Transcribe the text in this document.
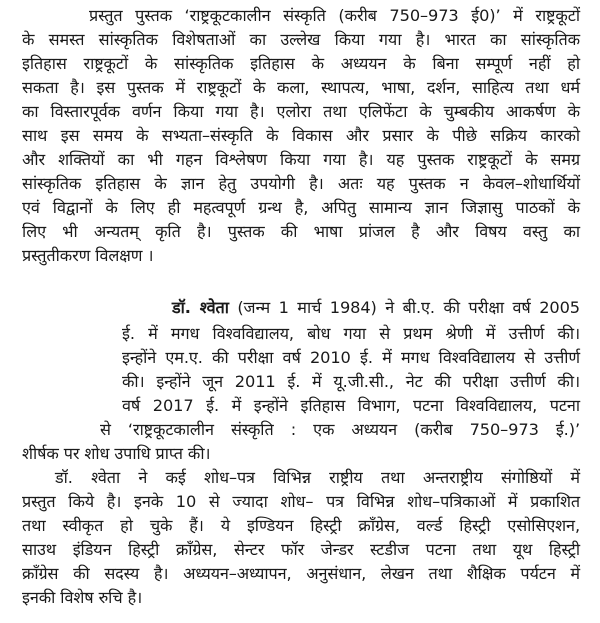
प्रस्तुत पुस्तक ‘राष्ट्रकूटकालीन संस्कृति (करीब 750–973 ई0)’ में राष्ट्रकूटों
के समस्त सांस्कृतिक विशेषताओं का उल्लेख किया गया है। भारत का सांस्कृतिक
इतिहास राष्ट्रकूटों के सांस्कृतिक इतिहास के अध्ययन के बिना सम्पूर्ण नहीं हो
सकता है। इस पुस्तक में राष्ट्रकूटों के कला, स्थापत्य, भाषा, दर्शन, साहित्य तथा धर्म
का विस्तारपूर्वक वर्णन किया गया है। एलोरा तथा एलिफेंटा के चुम्बकीय आकर्षण के
साथ इस समय के सभ्यता–संस्कृति के विकास और प्रसार के पीछे सक्रिय कारको
और शक्तियों का भी गहन विश्लेषण किया गया है। यह पुस्तक राष्ट्रकूटों के समग्र
सांस्कृतिक इतिहास के ज्ञान हेतु उपयोगी है। अतः यह पुस्तक न केवल–शोधार्थियों
एवं विद्वानों के लिए ही महत्वपूर्ण ग्रन्थ है, अपितु सामान्य ज्ञान जिज्ञासु पाठकों के
लिए भी अन्यतम् कृति है। पुस्तक की भाषा प्रांजल है और विषय वस्तु का
प्रस्तुतीकरण विलक्षण ।
डॉ. श्वेता (जन्म 1 मार्च 1984) ने बी.ए. की परीक्षा वर्ष 2005
ई. में मगध विश्वविद्यालय, बोध गया से प्रथम श्रेणी में उत्तीर्ण की।
इन्होंने एम.ए. की परीक्षा वर्ष 2010 ई. में मगध विश्वविद्यालय से उत्तीर्ण
की। इन्होंने जून 2011 ई. में यू.जी.सी., नेट की परीक्षा उत्तीर्ण की।
वर्ष 2017 ई. में इन्होंने इतिहास विभाग, पटना विश्वविद्यालय, पटना
से ‘राष्ट्रकूटकालीन संस्कृति : एक अध्ययन (करीब 750–973 ई.)’
शीर्षक पर शोध उपाधि प्राप्त की।
डॉ. श्वेता ने कई शोध–पत्र विभिन्न राष्ट्रीय तथा अन्तराष्ट्रीय संगोष्ठियों में
प्रस्तुत किये है। इनके 10 से ज्यादा शोध– पत्र विभिन्न शोध–पत्रिकाओं में प्रकाशित
तथा स्वीकृत हो चुके हैं। ये इण्डियन हिस्ट्री क्राँग्रेस, वर्ल्ड हिस्ट्री एसोसिएशन,
साउथ इंडियन हिस्ट्री क्राँग्रेस, सेन्टर फॉर जेन्डर स्टडीज पटना तथा यूथ हिस्ट्री
क्राँग्रेस की सदस्य है। अध्ययन–अध्यापन, अनुसंधान, लेखन तथा शैक्षिक पर्यटन में
इनकी विशेष रुचि है।
